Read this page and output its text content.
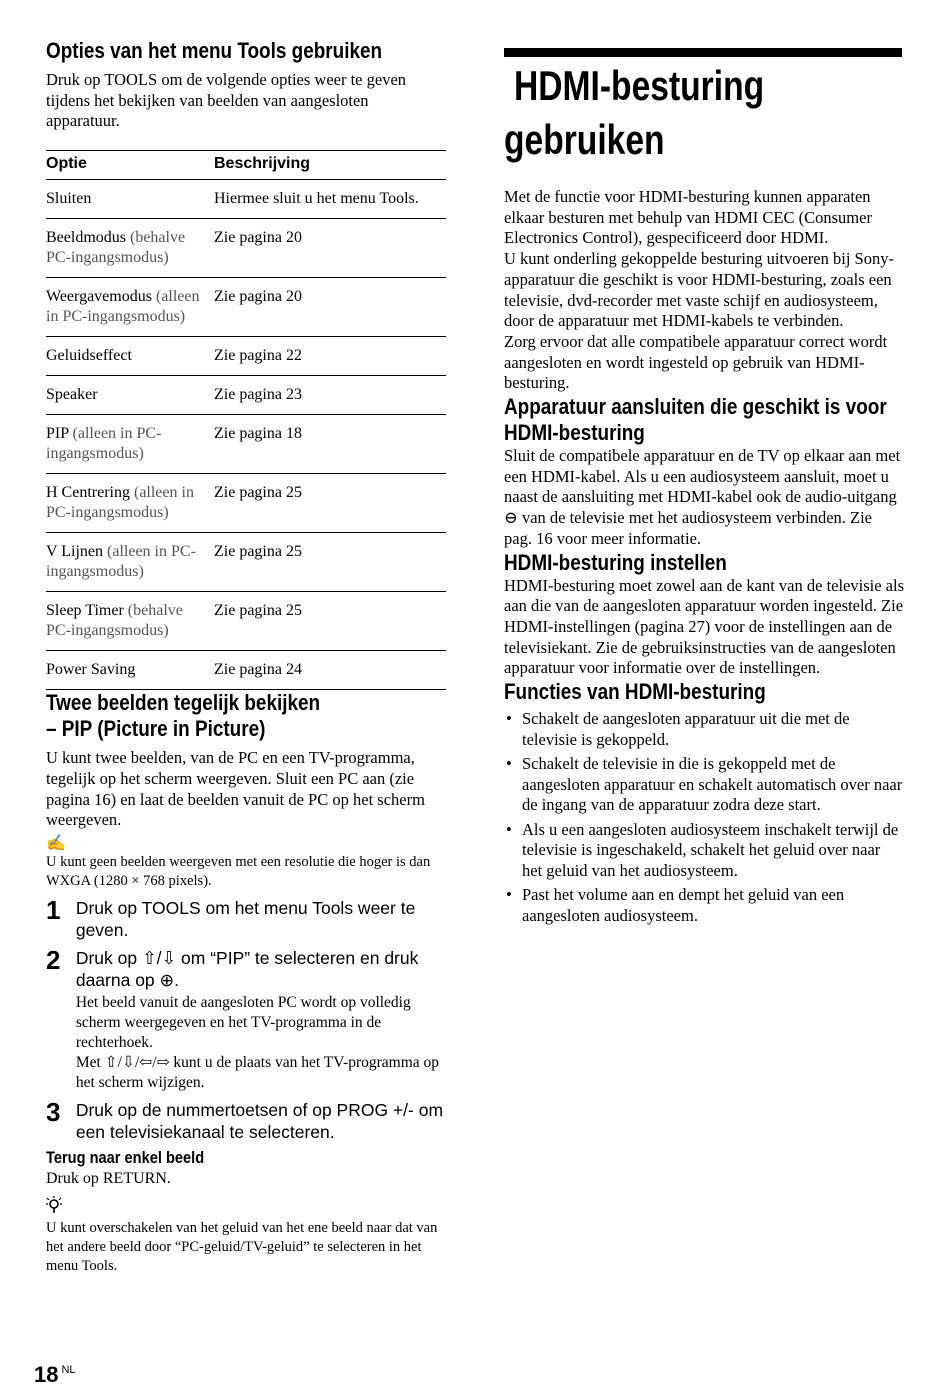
Opties van het menu Tools gebruiken

Druk op TOOLS om de volgende opties weer te geven tijdens het bekijken van beelden van aangesloten apparatuur.

Optie	Beschrijving
Sluiten	Hiermee sluit u het menu Tools.
Beeldmodus (behalve PC-ingangsmodus)	Zie pagina 20
Weergavemodus (alleen in PC-ingangsmodus)	Zie pagina 20
Geluidseffect	Zie pagina 22
Speaker	Zie pagina 23
PIP (alleen in PC-ingangsmodus)	Zie pagina 18
H Centrering (alleen in PC-ingangsmodus)	Zie pagina 25
V Lijnen (alleen in PC-ingangsmodus)	Zie pagina 25
Sleep Timer (behalve PC-ingangsmodus)	Zie pagina 25
Power Saving	Zie pagina 24
Twee beelden tegelijk bekijken
– PIP (Picture in Picture)

U kunt twee beelden, van de PC en een TV-programma, tegelijk op het scherm weergeven. Sluit een PC aan (zie pagina 16) en laat de beelden vanuit de PC op het scherm weergeven.

✍
U kunt geen beelden weergeven met een resolutie die hoger is dan WXGA (1280 × 768 pixels).
1 Druk op TOOLS om het menu Tools weer te geven.
2 Druk op ⇧/⇩ om “PIP” te selecteren en druk daarna op ⊕.
Het beeld vanuit de aangesloten PC wordt op volledig scherm weergegeven en het TV-programma in de rechterhoek.
Met ⇧/⇩/⇦/⇨ kunt u de plaats van het TV-programma op het scherm wijzigen.
3 Druk op de nummertoetsen of op PROG +/- om een televisiekanaal te selecteren.
Terug naar enkel beeld

Druk op RETURN.

U kunt overschakelen van het geluid van het ene beeld naar dat van het andere beeld door “PC-geluid/TV-geluid” te selecteren in het menu Tools.
HDMI-besturing
gebruiken

Met de functie voor HDMI-besturing kunnen apparaten elkaar besturen met behulp van HDMI CEC (Consumer Electronics Control), gespecificeerd door HDMI.
U kunt onderling gekoppelde besturing uitvoeren bij Sony-apparatuur die geschikt is voor HDMI-besturing, zoals een televisie, dvd-recorder met vaste schijf en audiosysteem, door de apparatuur met HDMI-kabels te verbinden.
Zorg ervoor dat alle compatibele apparatuur correct wordt aangesloten en wordt ingesteld op gebruik van HDMI-besturing.

Apparatuur aansluiten die geschikt is voor
HDMI-besturing

Sluit de compatibele apparatuur en de TV op elkaar aan met een HDMI-kabel. Als u een audiosysteem aansluit, moet u naast de aansluiting met HDMI-kabel ook de audio-uitgang ⊖ van de televisie met het audiosysteem verbinden. Zie pag. 16 voor meer informatie.

HDMI-besturing instellen

HDMI-besturing moet zowel aan de kant van de televisie als aan die van de aangesloten apparatuur worden ingesteld. Zie HDMI-instellingen (pagina 27) voor de instellingen aan de televisiekant. Zie de gebruiksinstructies van de aangesloten apparatuur voor informatie over de instellingen.

Functies van HDMI-besturing
• Schakelt de aangesloten apparatuur uit die met de televisie is gekoppeld.
• Schakelt de televisie in die is gekoppeld met de aangesloten apparatuur en schakelt automatisch over naar de ingang van de apparatuur zodra deze start.
• Als u een aangesloten audiosysteem inschakelt terwijl de televisie is ingeschakeld, schakelt het geluid over naar het geluid van het audiosysteem.
• Past het volume aan en dempt het geluid van een aangesloten audiosysteem.
18 $^{NL}$
